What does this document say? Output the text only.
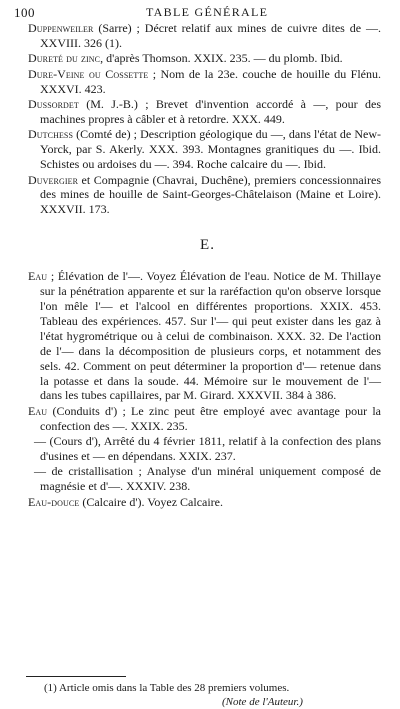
100	TABLE GÉNÉRALE

Duppenweiler (Sarre) ; Décret relatif aux mines de cuivre dites de —. XXVIII. 326 (1).

Dureté du zinc, d'après Thomson. XXIX. 235. — du plomb. Ibid.

Dure-Veine ou Cossette ; Nom de la 23e. couche de houille du Flénu. XXXVI. 423.

Dussordet (M. J.-B.) ; Brevet d'invention accordé à —, pour des machines propres à câbler et à retordre. XXX. 449.

Dutchess (Comté de) ; Description géologique du —, dans l'état de New-Yorck, par S. Akerly. XXX. 393. Montagnes granitiques du —. Ibid. Schistes ou ardoises du —. 394. Roche calcaire du —. Ibid.

Duvergier et Compagnie (Chavrai, Duchêne), premiers concessionnaires des mines de houille de Saint-Georges-Châtelaison (Maine et Loire). XXXVII. 173.

E.

Eau ; Élévation de l'—. Voyez Élévation de l'eau. Notice de M. Thillaye sur la pénétration apparente et sur la raréfaction qu'on observe lorsque l'on mêle l'— et l'alcool en différentes proportions. XXIX. 453. Tableau des expériences. 457. Sur l'— qui peut exister dans les gaz à l'état hygrométrique ou à celui de combinaison. XXX. 32. De l'action de l'— dans la décomposition de plusieurs corps, et notamment des sels. 42. Comment on peut déterminer la proportion d'— retenue dans la potasse et dans la soude. 44. Mémoire sur le mouvement de l'— dans les tubes capillaires, par M. Girard. XXXVII. 384 à 386.

Eau (Conduits d') ; Le zinc peut être employé avec avantage pour la confection des —. XXIX. 235.

— (Cours d'), Arrêté du 4 février 1811, relatif à la confection des plans d'usines et — en dépendans. XXIX. 237.

— de cristallisation ; Analyse d'un minéral uniquement composé de magnésie et d'—. XXXIV. 238.

Eau-douce (Calcaire d'). Voyez Calcaire.

(1) Article omis dans la Table des 28 premiers volumes.
(Note de l'Auteur.)
